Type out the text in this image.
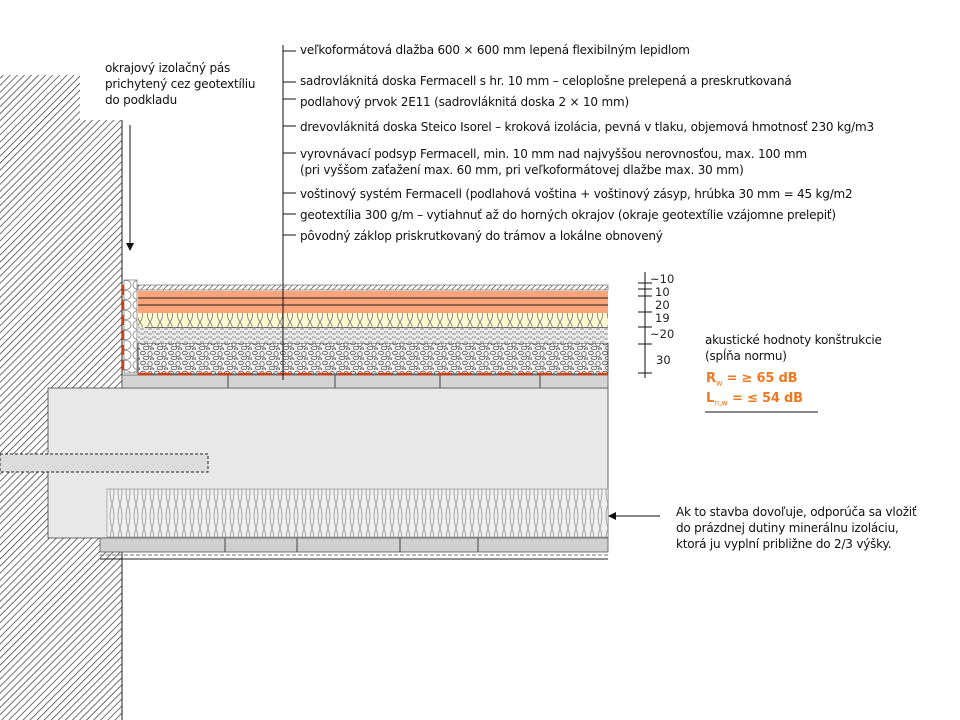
veľkoformátová dlažba 600 × 600 mm lepená flexibilným lepidlom
sadrovláknitá doska Fermacell s hr. 10 mm – celoplošne prelepená a preskrutkovaná
podlahový prvok 2E11 (sadrovláknitá doska 2 × 10 mm)
drevovláknitá doska Steico Isorel – kroková izolácia, pevná v tlaku, objemová hmotnosť 230 kg/m3
vyrovnávací podsyp Fermacell, min. 10 mm nad najvyššou nerovnosťou, max. 100 mm
(pri vyššom zaťažení max. 60 mm, pri veľkoformátovej dlažbe max. 30 mm)
voštinový systém Fermacell (podlahová voština + voštinový zásyp, hrúbka 30 mm = 45 kg/m2
geotextília 300 g/m – vytiahnuť až do horných okrajov (okraje geotextílie vzájomne prelepiť)
pôvodný záklop priskrutkovaný do trámov a lokálne obnovený
okrajový izolačný pás
prichytený cez geotextíliu
do podkladu
~10
10
20
19
~20
30
akustické hodnoty konštrukcie
(spĺňa normu)
$R_w$ = ≥ 65 dB
$L_{n,w}$ = ≤ 54 dB
Ak to stavba dovoľuje, odporúča sa vložiť
do prázdnej dutiny minerálnu izoláciu,
ktorá ju vyplní približne do 2/3 výšky.
